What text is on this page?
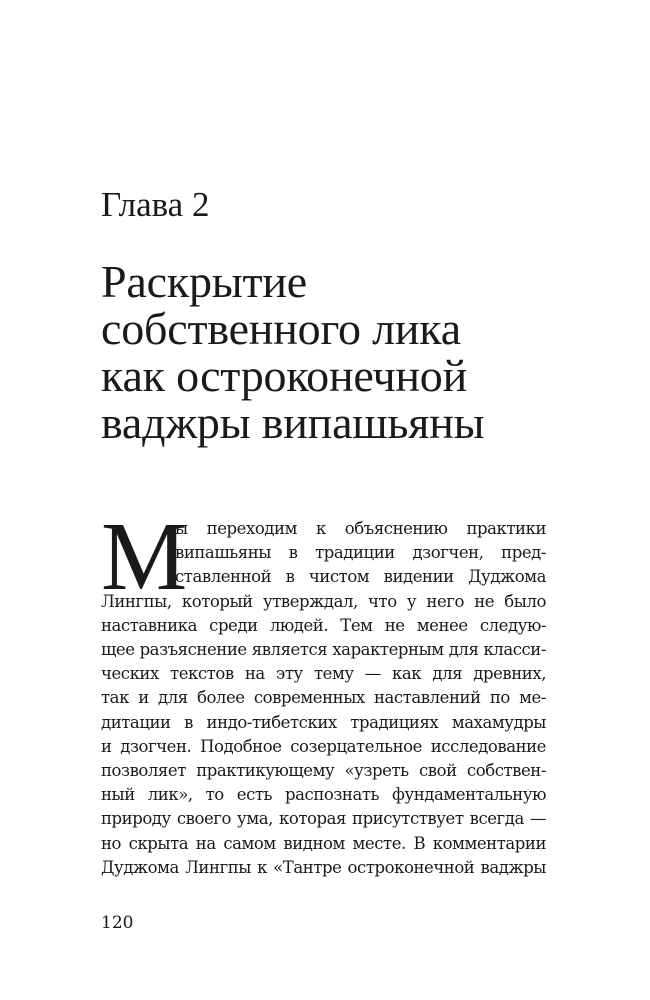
Глава 2
Раскрытие
собственного лика
как остроконечной
ваджры випашьяны
М
ы переходим к объяснению практики
випашьяны в традиции дзогчен, пред-
ставленной в чистом видении Дуджома
Лингпы, который утверждал, что у него не было
наставника среди людей. Тем не менее следую-
щее разъяснение является характерным для класси-
ческих текстов на эту тему — как для древних,
так и для более современных наставлений по ме-
дитации в индо-тибетских традициях махамудры
и дзогчен. Подобное созерцательное исследование
позволяет практикующему «узреть свой собствен-
ный лик», то есть распознать фундаментальную
природу своего ума, которая присутствует всегда —
но скрыта на самом видном месте. В комментарии
Дуджома Лингпы к «Тантре остроконечной ваджры
120
